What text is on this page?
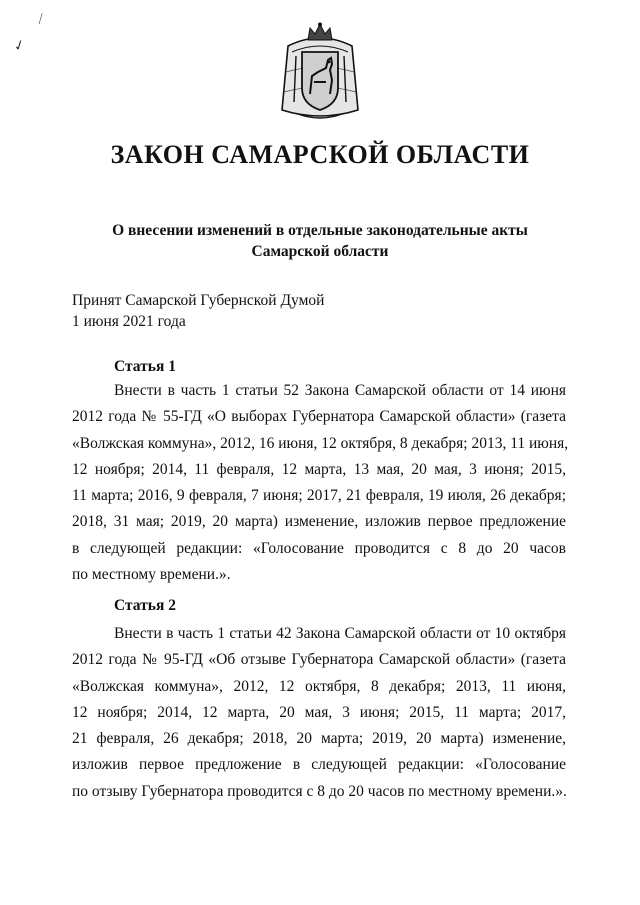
⁄
✓
ЗАКОН САМАРСКОЙ ОБЛАСТИ
О внесении изменений в отдельные законодательные акты
Самарской области
Принят Самарской Губернской Думой
1 июня 2021 года
Статья 1
Внести в часть 1 статьи 52 Закона Самарской области от 14 июня
2012 года № 55-ГД «О выборах Губернатора Самарской области» (газета
«Волжская коммуна», 2012, 16 июня, 12 октября, 8 декабря; 2013, 11 июня,
12 ноября; 2014, 11 февраля, 12 марта, 13 мая, 20 мая, 3 июня; 2015,
11 марта; 2016, 9 февраля, 7 июня; 2017, 21 февраля, 19 июля, 26 декабря;
2018, 31 мая; 2019, 20 марта) изменение, изложив первое предложение
в следующей редакции: «Голосование проводится с 8 до 20 часов
по местному времени.».
Статья 2
Внести в часть 1 статьи 42 Закона Самарской области от 10 октября
2012 года № 95-ГД «Об отзыве Губернатора Самарской области» (газета
«Волжская коммуна», 2012, 12 октября, 8 декабря; 2013, 11 июня,
12 ноября; 2014, 12 марта, 20 мая, 3 июня; 2015, 11 марта; 2017,
21 февраля, 26 декабря; 2018, 20 марта; 2019, 20 марта) изменение,
изложив первое предложение в следующей редакции: «Голосование
по отзыву Губернатора проводится с 8 до 20 часов по местному времени.».
